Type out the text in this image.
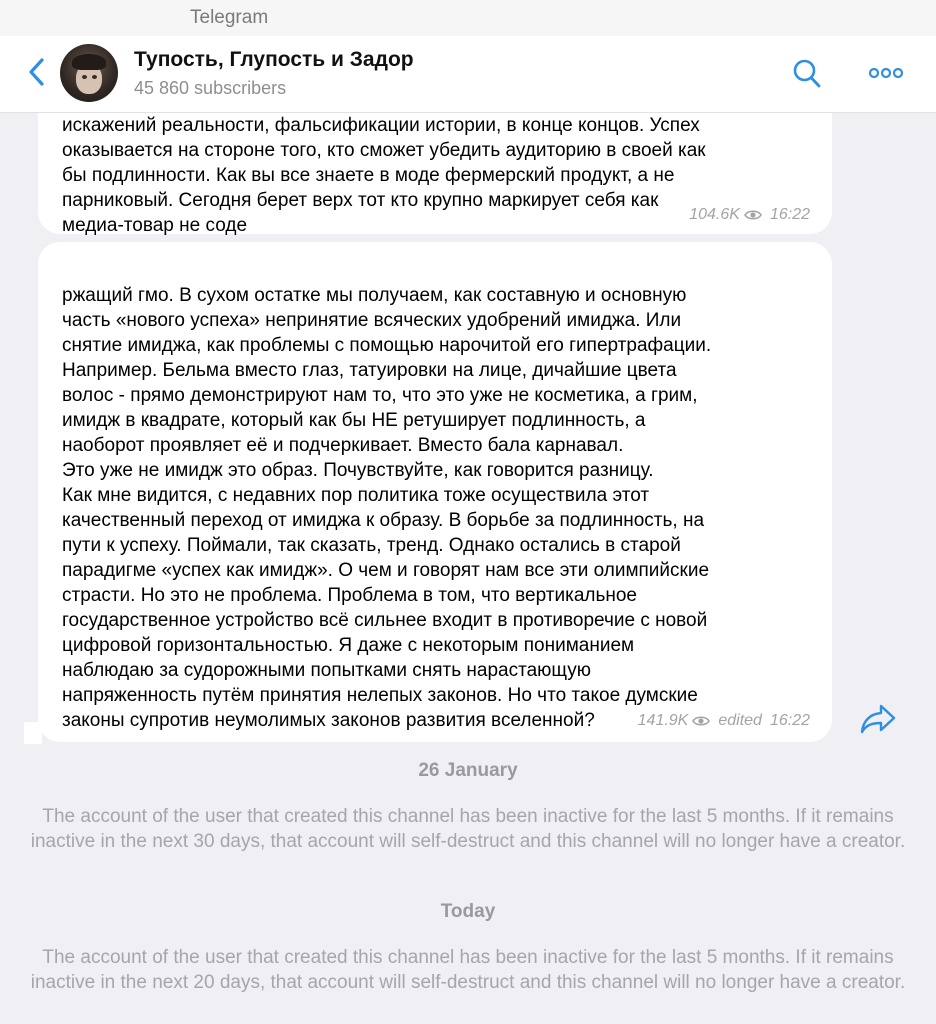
Telegram
Тупость, Глупость и Задор
45 860 subscribers

искажений реальности, фальсификации истории, в конце концов. Успех
оказывается на стороне того, кто сможет убедить аудиторию в своей как
бы подлинности. Как вы все знаете в моде фермерский продукт, а не
парниковый. Сегодня берет верх тот кто крупно маркирует себя как
медиа-товар не соде

104.6K 16:22

ржащий гмо. В сухом остатке мы получаем, как составную и основную
часть «нового успеха» непринятие всяческих удобрений имиджа. Или
снятие имиджа, как проблемы с помощью нарочитой его гипертрафации.
Например. Бельма вместо глаз, татуировки на лице, дичайшие цвета
волос - прямо демонстрируют нам то, что это уже не косметика, а грим,
имидж в квадрате, который как бы НЕ ретуширует подлинность, а
наоборот проявляет её и подчеркивает. Вместо бала карнавал.
Это уже не имидж это образ. Почувствуйте, как говорится разницу.
Как мне видится, с недавних пор политика тоже осуществила этот
качественный переход от имиджа к образу. В борьбе за подлинность, на
пути к успеху. Поймали, так сказать, тренд. Однако остались в старой
парадигме «успех как имидж». О чем и говорят нам все эти олимпийские
страсти. Но это не проблема. Проблема в том, что вертикальное
государственное устройство всё сильнее входит в противоречие с новой
цифровой горизонтальностью. Я даже с некоторым пониманием
наблюдаю за судорожными попытками снять нарастающую
напряженность путём принятия нелепых законов. Но что такое думские
законы супротив неумолимых законов развития вселенной?	141.9K edited 16:22

26 January
The account of the user that created this channel has been inactive for the last 5 months. If it remains inactive in the next 30 days, that account will self-destruct and this channel will no longer have a creator.
Today
The account of the user that created this channel has been inactive for the last 5 months. If it remains inactive in the next 20 days, that account will self-destruct and this channel will no longer have a creator.
